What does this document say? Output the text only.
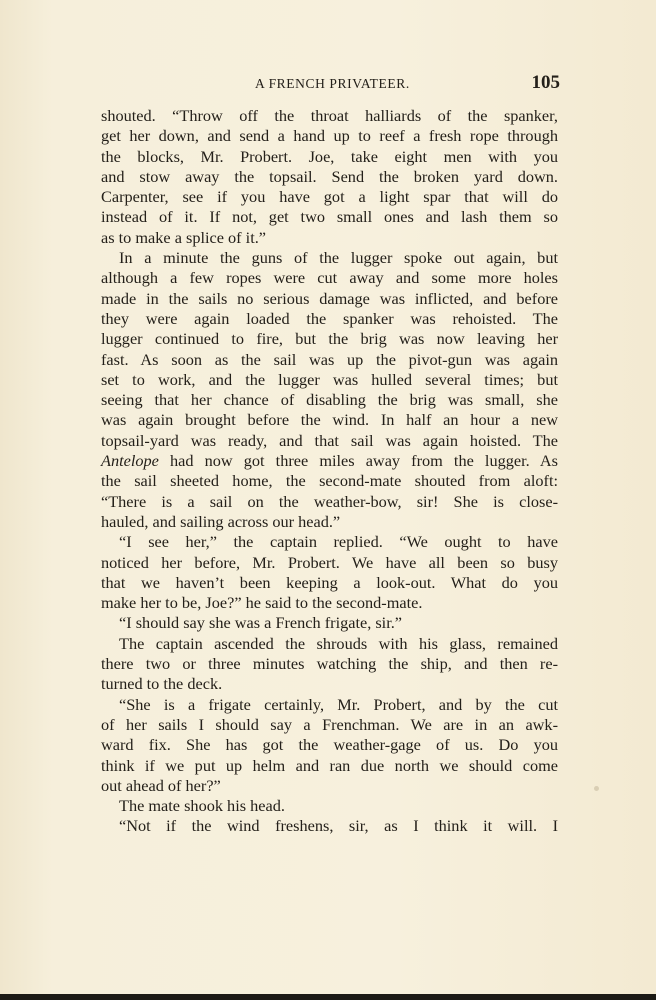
A FRENCH PRIVATEER.	105
shouted. “Throw off the throat halliards of the spanker,
get her down, and send a hand up to reef a fresh rope through
the blocks, Mr. Probert. Joe, take eight men with you
and stow away the topsail. Send the broken yard down.
Carpenter, see if you have got a light spar that will do
instead of it. If not, get two small ones and lash them so
as to make a splice of it.”
In a minute the guns of the lugger spoke out again, but
although a few ropes were cut away and some more holes
made in the sails no serious damage was inflicted, and before
they were again loaded the spanker was rehoisted. The
lugger continued to fire, but the brig was now leaving her
fast. As soon as the sail was up the pivot-gun was again
set to work, and the lugger was hulled several times; but
seeing that her chance of disabling the brig was small, she
was again brought before the wind. In half an hour a new
topsail-yard was ready, and that sail was again hoisted. The
Antelope had now got three miles away from the lugger. As
the sail sheeted home, the second-mate shouted from aloft:
“There is a sail on the weather-bow, sir! She is close-
hauled, and sailing across our head.”
“I see her,” the captain replied. “We ought to have
noticed her before, Mr. Probert. We have all been so busy
that we haven’t been keeping a look-out. What do you
make her to be, Joe?” he said to the second-mate.
“I should say she was a French frigate, sir.”
The captain ascended the shrouds with his glass, remained
there two or three minutes watching the ship, and then re-
turned to the deck.
“She is a frigate certainly, Mr. Probert, and by the cut
of her sails I should say a Frenchman. We are in an awk-
ward fix. She has got the weather-gage of us. Do you
think if we put up helm and ran due north we should come
out ahead of her?”
The mate shook his head.
“Not if the wind freshens, sir, as I think it will. I
